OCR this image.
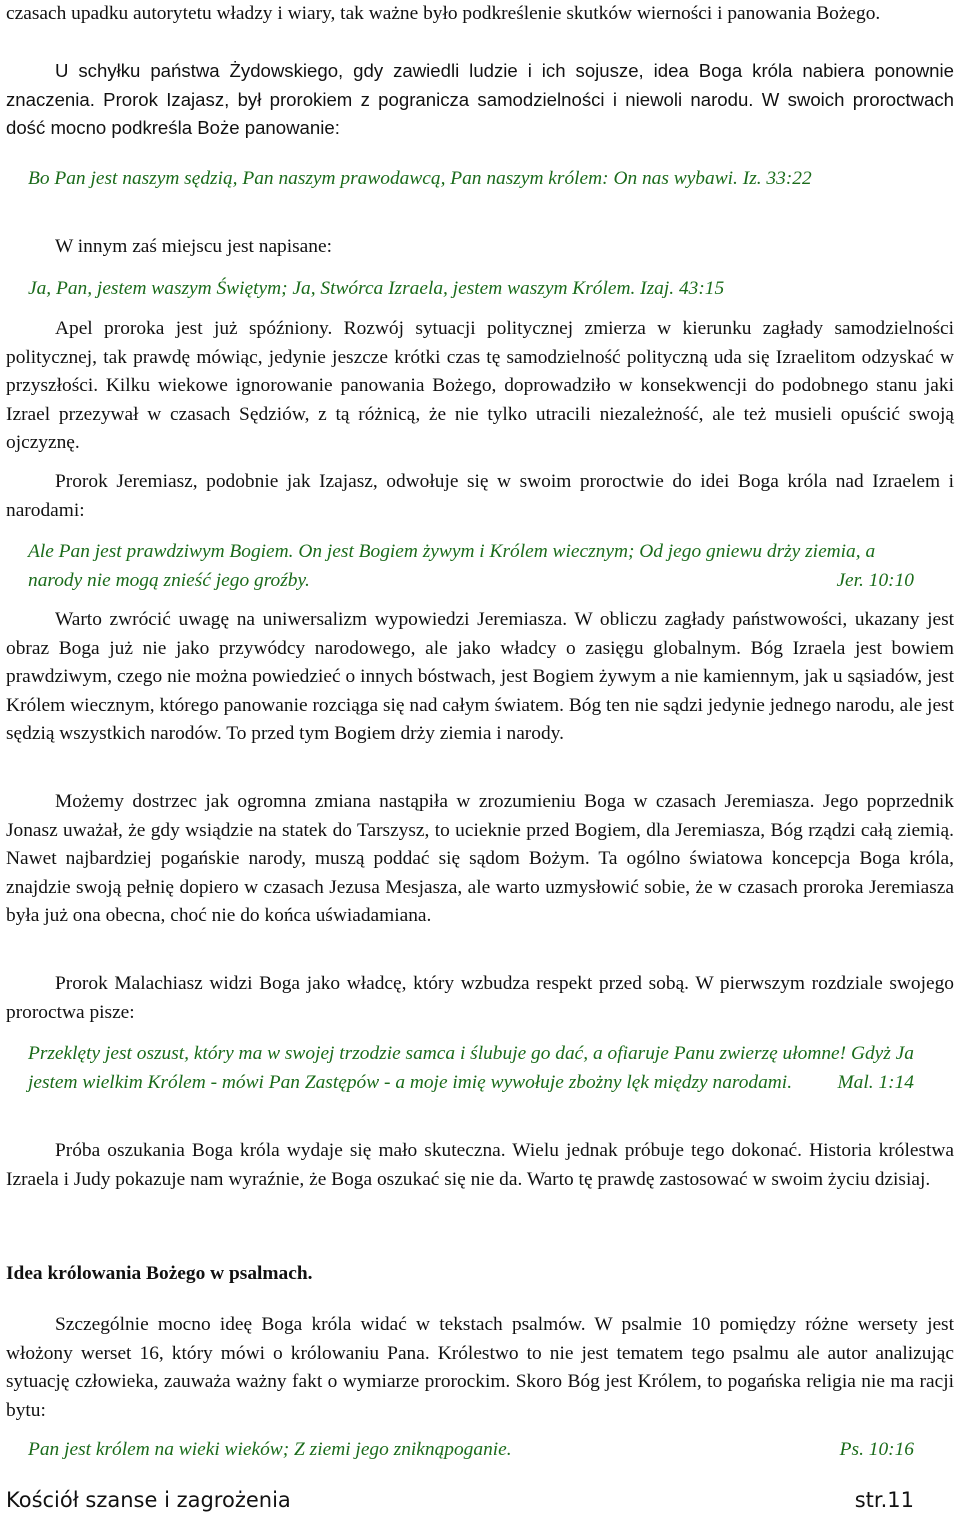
czasach upadku autorytetu władzy i wiary, tak ważne było podkreślenie skutków wierności i panowania Bożego.

U schyłku państwa Żydowskiego, gdy zawiedli ludzie i ich sojusze, idea Boga króla nabiera ponownie znaczenia. Prorok Izajasz, był prorokiem z pogranicza samodzielności i niewoli narodu. W swoich proroctwach dość mocno podkreśla Boże panowanie:

Bo Pan jest naszym sędzią, Pan naszym prawodawcą, Pan naszym królem: On nas wybawi. Iz. 33:22

W innym zaś miejscu jest napisane:

Ja, Pan, jestem waszym Świętym; Ja, Stwórca Izraela, jestem waszym Królem. Izaj. 43:15

Apel proroka jest już spóźniony. Rozwój sytuacji politycznej zmierza w kierunku zagłady samodzielności politycznej, tak prawdę mówiąc, jedynie jeszcze krótki czas tę samodzielność polityczną uda się Izraelitom odzyskać w przyszłości. Kilku wiekowe ignorowanie panowania Bożego, doprowadziło w konsekwencji do podobnego stanu jaki Izrael przezywał w czasach Sędziów, z tą różnicą, że nie tylko utracili niezależność, ale też musieli opuścić swoją ojczyznę.

Prorok Jeremiasz, podobnie jak Izajasz, odwołuje się w swoim proroctwie do idei Boga króla nad Izraelem i narodami:

Ale Pan jest prawdziwym Bogiem. On jest Bogiem żywym i Królem wiecznym; Od jego gniewu drży ziemia, a narody nie mogą znieść jego groźby.	Jer. 10:10

Warto zwrócić uwagę na uniwersalizm wypowiedzi Jeremiasza. W obliczu zagłady państwowości, ukazany jest obraz Boga już nie jako przywódcy narodowego, ale jako władcy o zasięgu globalnym. Bóg Izraela jest bowiem prawdziwym, czego nie można powiedzieć o innych bóstwach, jest Bogiem żywym a nie kamiennym, jak u sąsiadów, jest Królem wiecznym, którego panowanie rozciąga się nad całym światem. Bóg ten nie sądzi jedynie jednego narodu, ale jest sędzią wszystkich narodów. To przed tym Bogiem drży ziemia i narody.

Możemy dostrzec jak ogromna zmiana nastąpiła w zrozumieniu Boga w czasach Jeremiasza. Jego poprzednik Jonasz uważał, że gdy wsiądzie na statek do Tarszysz, to ucieknie przed Bogiem, dla Jeremiasza, Bóg rządzi całą ziemią. Nawet najbardziej pogańskie narody, muszą poddać się sądom Bożym. Ta ogólno światowa koncepcja Boga króla, znajdzie swoją pełnię dopiero w czasach Jezusa Mesjasza, ale warto uzmysłowić sobie, że w czasach proroka Jeremiasza była już ona obecna, choć nie do końca uświadamiana.

Prorok Malachiasz widzi Boga jako władcę, który wzbudza respekt przed sobą. W pierwszym rozdziale swojego proroctwa pisze:

Przeklęty jest oszust, który ma w swojej trzodzie samca i ślubuje go dać, a ofiaruje Panu zwierzę ułomne! Gdyż Ja jestem wielkim Królem - mówi Pan Zastępów - a moje imię wywołuje zbożny lęk między narodami. Mal. 1:14

Próba oszukania Boga króla wydaje się mało skuteczna. Wielu jednak próbuje tego dokonać. Historia królestwa Izraela i Judy pokazuje nam wyraźnie, że Boga oszukać się nie da. Warto tę prawdę zastosować w swoim życiu dzisiaj.

Idea królowania Bożego w psalmach.

Szczególnie mocno ideę Boga króla widać w tekstach psalmów. W psalmie 10 pomiędzy różne wersety jest włożony werset 16, który mówi o królowaniu Pana. Królestwo to nie jest tematem tego psalmu ale autor analizując sytuację człowieka, zauważa ważny fakt o wymiarze prorockim. Skoro Bóg jest Królem, to pogańska religia nie ma racji bytu:

Pan jest królem na wieki wieków; Z ziemi jego zniknąpoganie.	Ps. 10:16

Kościół szanse i zagrożenia	str.11
